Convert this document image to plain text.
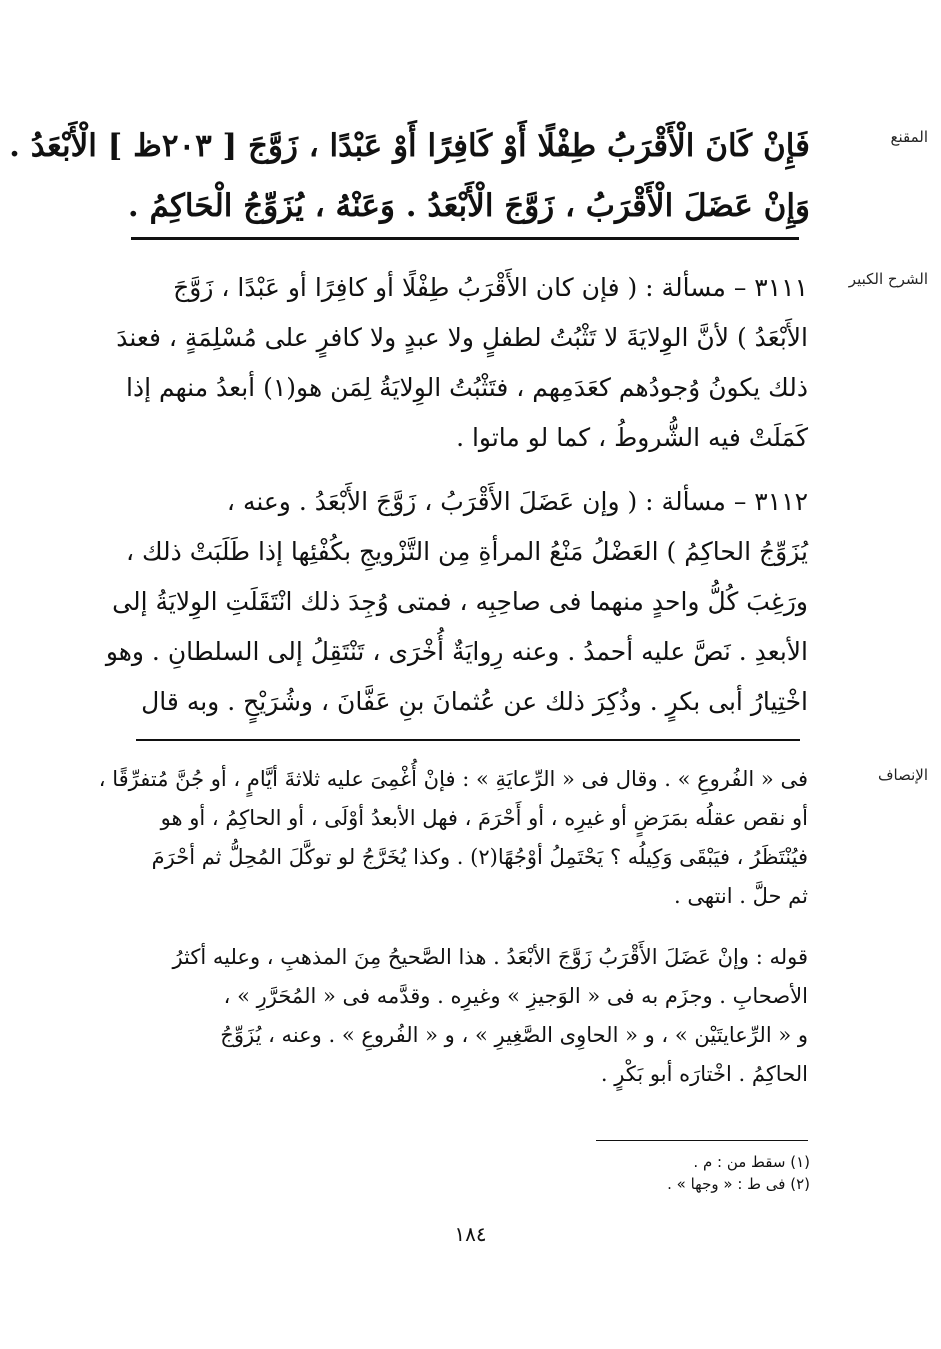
المقنع
فَإِنْ كَانَ الْأَقْرَبُ طِفْلًا أَوْ كَافِرًا أَوْ عَبْدًا ، زَوَّجَ [ ٢٠٣ظ ] الْأَبْعَدُ .
وَإِنْ عَضَلَ الْأَقْرَبُ ، زَوَّجَ الْأَبْعَدُ . وَعَنْهُ ، يُزَوِّجُ الْحَاكِمُ .
الشرح الكبير
٣١١١ – مسألة : ( فإن كان الأَقْرَبُ طِفْلًا أو كافِرًا أو عَبْدًا ، زَوَّجَ
الأَبْعَدُ ) لأنَّ الوِلايَةَ لا تَثْبُتُ لطفلٍ ولا عبدٍ ولا كافرٍ على مُسْلِمَةٍ ، فعندَ
ذلك يكونُ وُجودُهم كعَدَمِهم ، فتَثْبُتُ الوِلايَةُ لِمَن هو(١) أبعدُ منهم إذا
كَمَلَتْ فيه الشُّروطُ ، كما لو ماتوا .
٣١١٢ – مسألة : ( وإن عَضَلَ الأَقْرَبُ ، زَوَّجَ الأَبْعَدُ . وعنه ،
يُزَوِّجُ الحاكِمُ ) العَضْلُ مَنْعُ المرأةِ مِن التَّزْويجِ بكُفْئِها إذا طَلَبَتْ ذلك ،
ورَغِبَ كُلُّ واحدٍ منهما فى صاحِبِه ، فمتى وُجِدَ ذلك انْتَقَلَتِ الوِلايَةُ إلى
الأبعدِ . نَصَّ عليه أحمدُ . وعنه رِوايَةٌ أُخْرَى ، تَنْتَقِلُ إلى السلطانِ . وهو
اخْتِيارُ أبى بكرٍ . وذُكِرَ ذلك عن عُثمانَ بنِ عَفَّانَ ، وشُرَيْحٍ . وبه قال
الإنصاف
فى « الفُروعِ » . وقال فى « الرِّعايَةِ » : فإنْ أُغْمِىَ عليه ثلاثةَ أيَّامٍ ، أو جُنَّ مُتفرِّقًا ،
أو نقص عقلُه بمَرَضٍ أو غيرِه ، أو أَحْرَمَ ، فهل الأبعدُ أوْلَى ، أو الحاكِمُ ، أو هو
فيُنْتَظَرُ ، فيَبْقَى وَكِيلُه ؟ يَحْتَمِلُ أوْجُهًا(٢) . وكذا يُخَرَّجُ لو توكَّلَ المُحِلُّ ثم أحْرَمَ
ثم حلَّ . انتهى .
قوله : وإنْ عَضَلَ الأَقْرَبُ زَوَّجَ الأبْعَدُ . هذا الصَّحيحُ مِنَ المذهبِ ، وعليه أكثرُ
الأصحابِ . وجزَم به فى « الوَجيزِ » وغيرِه . وقدَّمه فى « المُحَرَّرِ » ،
و « الرِّعايتَيْن » ، و « الحاوِى الصَّغِيرِ » ، و « الفُروعِ » . وعنه ، يُزَوِّجُ
الحاكِمُ . اخْتارَه أبو بَكْرٍ .
(١) سقط من : م .
(٢) فى ط : « وجها » .
١٨٤
